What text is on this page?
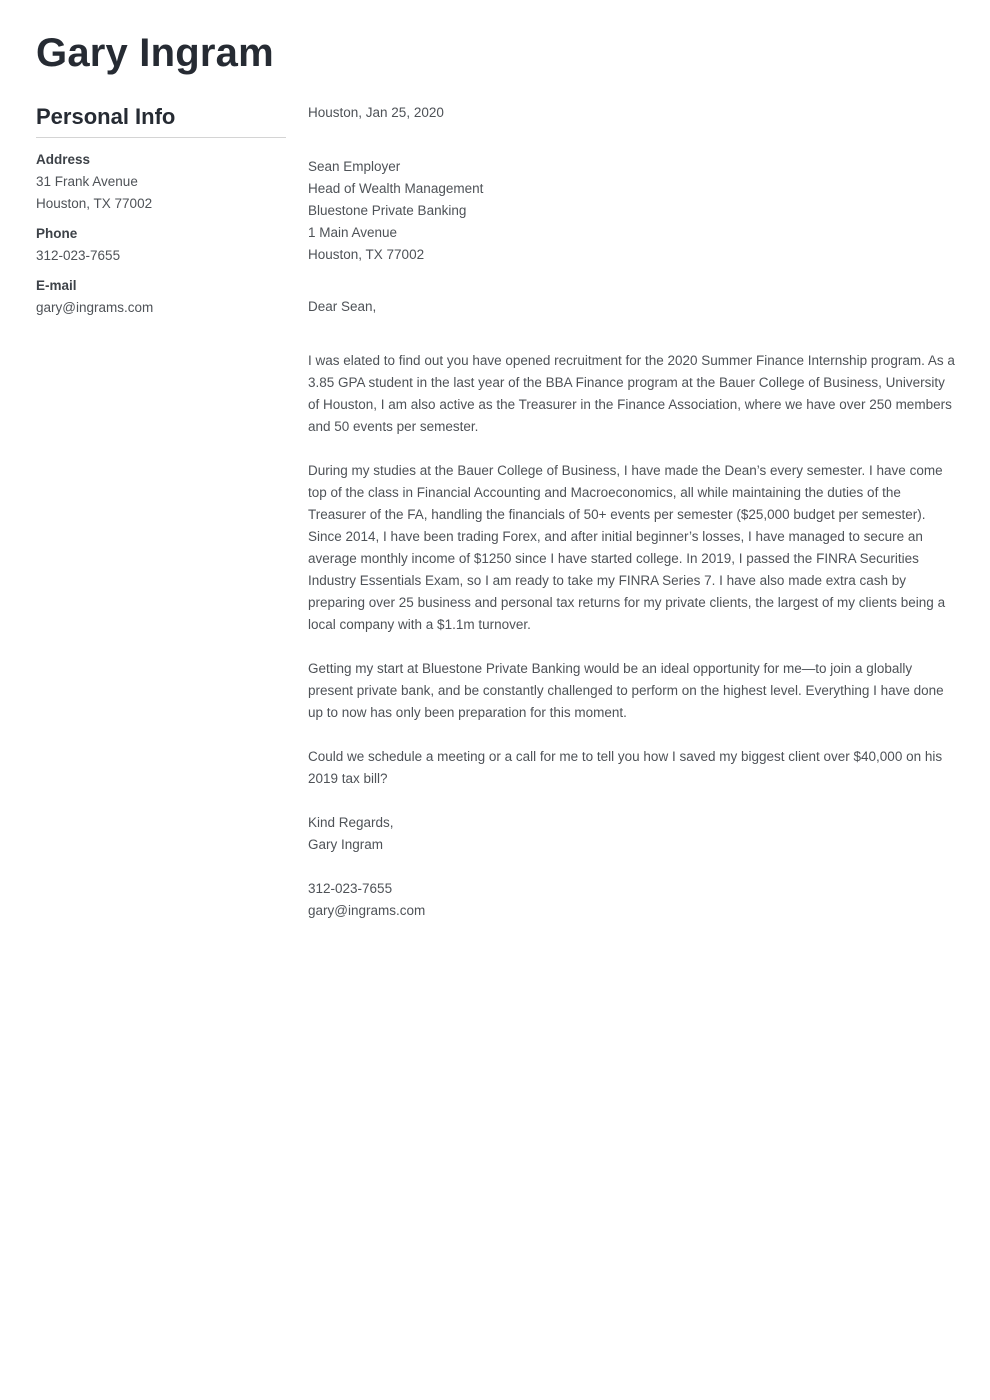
Gary Ingram
Personal Info
Address
31 Frank Avenue
Houston, TX 77002
Phone
312-023-7655
E-mail
gary@ingrams.com
Houston, Jan 25, 2020
Sean Employer
Head of Wealth Management
Bluestone Private Banking
1 Main Avenue
Houston, TX 77002
Dear Sean,
I was elated to find out you have opened recruitment for the 2020 Summer Finance Internship program. As a 3.85 GPA student in the last year of the BBA Finance program at the Bauer College of Business, University of Houston, I am also active as the Treasurer in the Finance Association, where we have over 250 members and 50 events per semester.
During my studies at the Bauer College of Business, I have made the Dean’s every semester. I have come top of the class in Financial Accounting and Macroeconomics, all while maintaining the duties of the Treasurer of the FA, handling the financials of 50+ events per semester ($25,000 budget per semester). Since 2014, I have been trading Forex, and after initial beginner’s losses, I have managed to secure an average monthly income of $1250 since I have started college. In 2019, I passed the FINRA Securities Industry Essentials Exam, so I am ready to take my FINRA Series 7. I have also made extra cash by preparing over 25 business and personal tax returns for my private clients, the largest of my clients being a local company with a $1.1m turnover.
Getting my start at Bluestone Private Banking would be an ideal opportunity for me—to join a globally present private bank, and be constantly challenged to perform on the highest level. Everything I have done up to now has only been preparation for this moment.
Could we schedule a meeting or a call for me to tell you how I saved my biggest client over $40,000 on his 2019 tax bill?
Kind Regards,
Gary Ingram
312-023-7655
gary@ingrams.com
